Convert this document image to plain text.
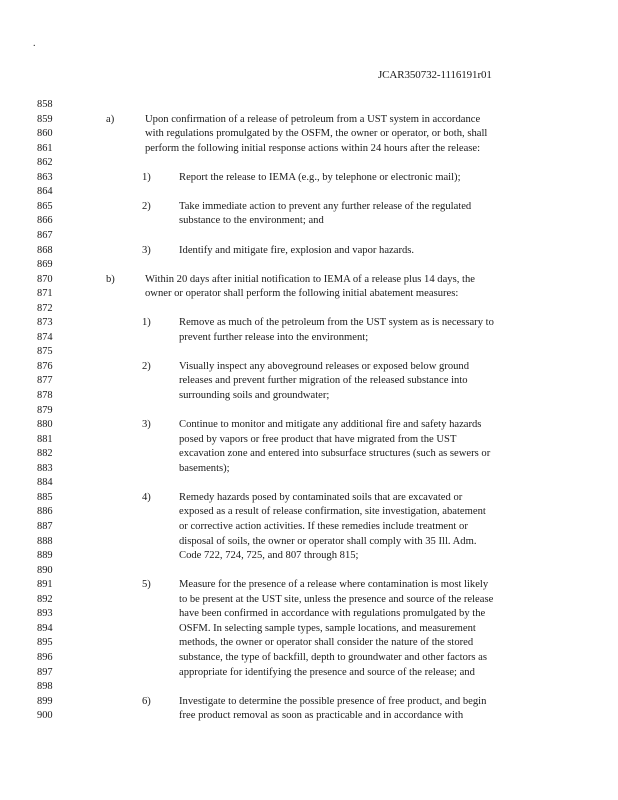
.
JCAR350732-1116191r01
858
859	a)	Upon confirmation of a release of petroleum from a UST system in accordance
860	with regulations promulgated by the OSFM, the owner or operator, or both, shall
861	perform the following initial response actions within 24 hours after the release:
862
863	1)	Report the release to IEMA (e.g., by telephone or electronic mail);
864
865	2)	Take immediate action to prevent any further release of the regulated
866	substance to the environment; and
867
868	3)	Identify and mitigate fire, explosion and vapor hazards.
869
870	b)	Within 20 days after initial notification to IEMA of a release plus 14 days, the
871	owner or operator shall perform the following initial abatement measures:
872
873	1)	Remove as much of the petroleum from the UST system as is necessary to
874	prevent further release into the environment;
875
876	2)	Visually inspect any aboveground releases or exposed below ground
877	releases and prevent further migration of the released substance into
878	surrounding soils and groundwater;
879
880	3)	Continue to monitor and mitigate any additional fire and safety hazards
881	posed by vapors or free product that have migrated from the UST
882	excavation zone and entered into subsurface structures (such as sewers or
883	basements);
884
885	4)	Remedy hazards posed by contaminated soils that are excavated or
886	exposed as a result of release confirmation, site investigation, abatement
887	or corrective action activities. If these remedies include treatment or
888	disposal of soils, the owner or operator shall comply with 35 Ill. Adm.
889	Code 722, 724, 725, and 807 through 815;
890
891	5)	Measure for the presence of a release where contamination is most likely
892	to be present at the UST site, unless the presence and source of the release
893	have been confirmed in accordance with regulations promulgated by the
894	OSFM. In selecting sample types, sample locations, and measurement
895	methods, the owner or operator shall consider the nature of the stored
896	substance, the type of backfill, depth to groundwater and other factors as
897	appropriate for identifying the presence and source of the release; and
898
899	6)	Investigate to determine the possible presence of free product, and begin
900	free product removal as soon as practicable and in accordance with
